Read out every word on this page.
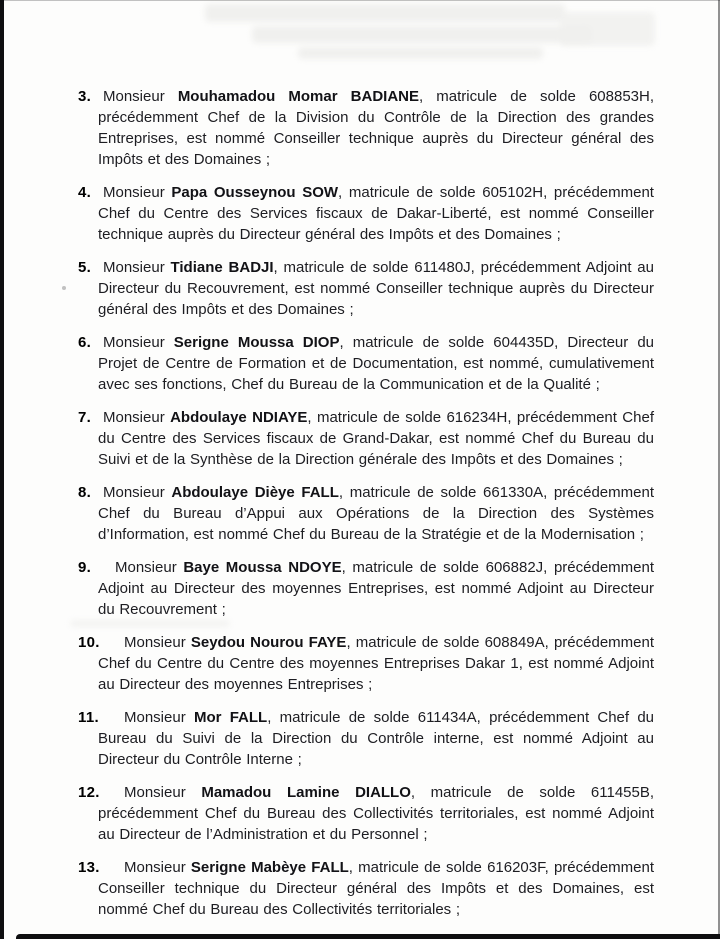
3. Monsieur Mouhamadou Momar BADIANE, matricule de solde 608853H, précédemment Chef de la Division du Contrôle de la Direction des grandes Entreprises, est nommé Conseiller technique auprès du Directeur général des Impôts et des Domaines ;

4. Monsieur Papa Ousseynou SOW, matricule de solde 605102H, précédemment Chef du Centre des Services fiscaux de Dakar-Liberté, est nommé Conseiller technique auprès du Directeur général des Impôts et des Domaines ;

5. Monsieur Tidiane BADJI, matricule de solde 611480J, précédemment Adjoint au Directeur du Recouvrement, est nommé Conseiller technique auprès du Directeur général des Impôts et des Domaines ;

6. Monsieur Serigne Moussa DIOP, matricule de solde 604435D, Directeur du Projet de Centre de Formation et de Documentation, est nommé, cumulativement avec ses fonctions, Chef du Bureau de la Communication et de la Qualité ;

7. Monsieur Abdoulaye NDIAYE, matricule de solde 616234H, précédemment Chef du Centre des Services fiscaux de Grand-Dakar, est nommé Chef du Bureau du Suivi et de la Synthèse de la Direction générale des Impôts et des Domaines ;

8. Monsieur Abdoulaye Dièye FALL, matricule de solde 661330A, précédemment Chef du Bureau d’Appui aux Opérations de la Direction des Systèmes d’Information, est nommé Chef du Bureau de la Stratégie et de la Modernisation ;

9.	Monsieur Baye Moussa NDOYE, matricule de solde 606882J, précédemment Adjoint au Directeur des moyennes Entreprises, est nommé Adjoint au Directeur du Recouvrement ;

10.	Monsieur Seydou Nourou FAYE, matricule de solde 608849A, précédemment Chef du Centre du Centre des moyennes Entreprises Dakar 1, est nommé Adjoint au Directeur des moyennes Entreprises ;

11.	Monsieur Mor FALL, matricule de solde 611434A, précédemment Chef du Bureau du Suivi de la Direction du Contrôle interne, est nommé Adjoint au Directeur du Contrôle Interne ;

12.	Monsieur Mamadou Lamine DIALLO, matricule de solde 611455B, précédemment Chef du Bureau des Collectivités territoriales, est nommé Adjoint au Directeur de l’Administration et du Personnel ;

13.	Monsieur Serigne Mabèye FALL, matricule de solde 616203F, précédemment Conseiller technique du Directeur général des Impôts et des Domaines, est nommé Chef du Bureau des Collectivités territoriales ;
